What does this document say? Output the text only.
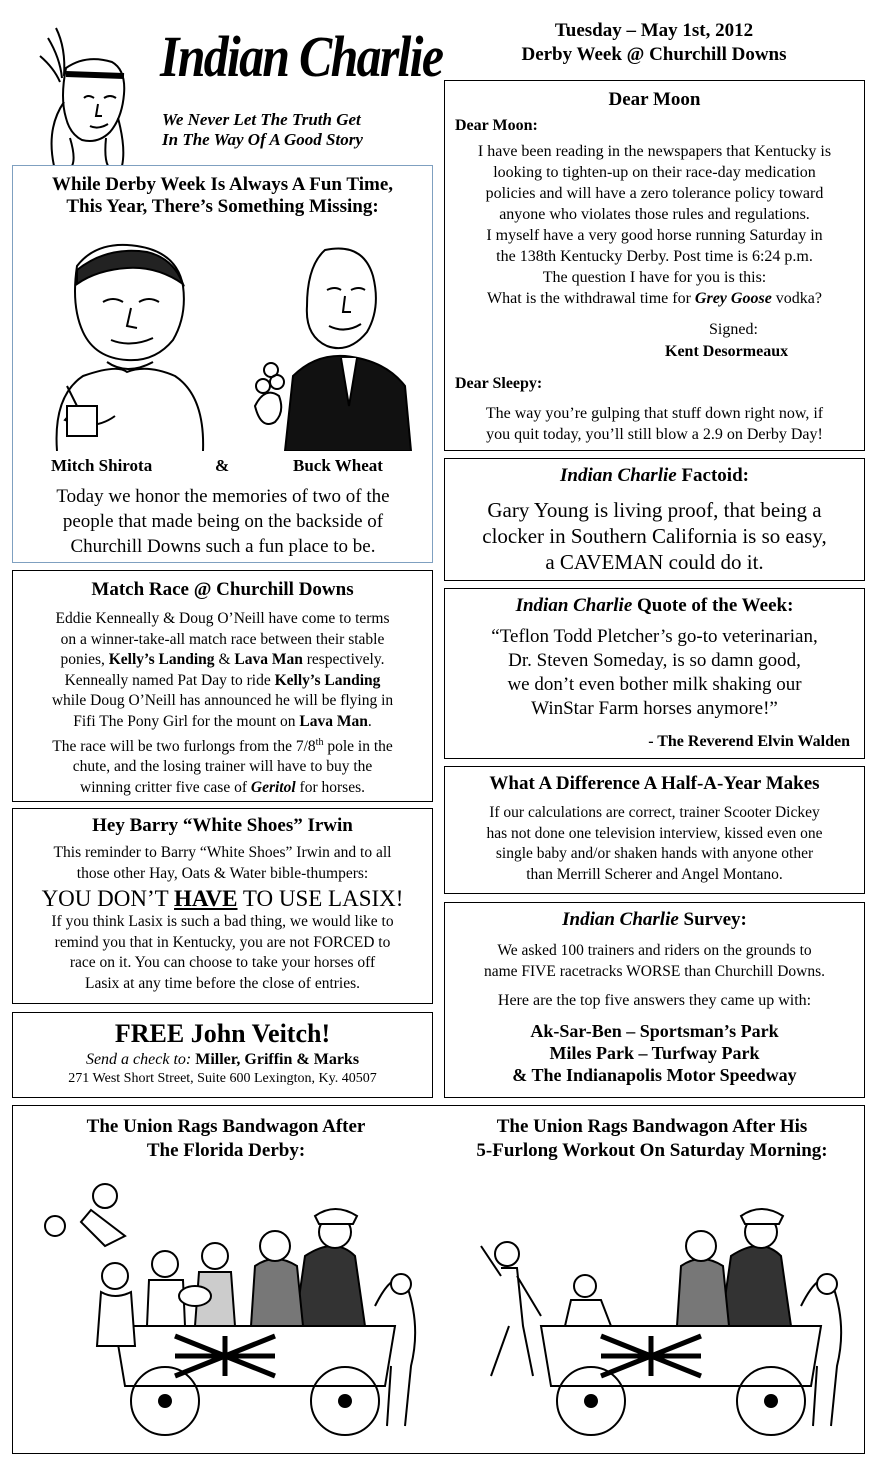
Indian Charlie
We Never Let The Truth Get
In The Way Of A Good Story
Tuesday – May 1st, 2012
Derby Week @ Churchill Downs
While Derby Week Is Always A Fun Time,
This Year, There’s Something Missing:
Mitch Shirota	&	Buck Wheat
Today we honor the memories of two of the people that made being on the backside of Churchill Downs such a fun place to be.
Dear Moon
Dear Moon:

I have been reading in the newspapers that Kentucky is

looking to tighten-up on their race-day medication

policies and will have a zero tolerance policy toward

anyone who violates those rules and regulations.

I myself have a very good horse running Saturday in

the 138th Kentucky Derby. Post time is 6:24 p.m.

The question I have for you is this:

What is the withdrawal time for Grey Goose vodka?

Signed:
Kent Desormeaux
Dear Sleepy:

The way you’re gulping that stuff down right now, if

you quit today, you’ll still blow a 2.9 on Derby Day!

Indian Charlie Factoid:

Gary Young is living proof, that being a

clocker in Southern California is so easy,

a CAVEMAN could do it.

Indian Charlie Quote of the Week:

“Teflon Todd Pletcher’s go-to veterinarian,

Dr. Steven Someday, is so damn good,

we don’t even bother milk shaking our

WinStar Farm horses anymore!”

- The Reverend Elvin Walden
Match Race @ Churchill Downs

Eddie Kenneally & Doug O’Neill have come to terms

on a winner-take-all match race between their stable

ponies, Kelly’s Landing & Lava Man respectively.

Kenneally named Pat Day to ride Kelly’s Landing

while Doug O’Neill has announced he will be flying in

Fifi The Pony Girl for the mount on Lava Man.

The race will be two furlongs from the 7/8th pole in the

chute, and the losing trainer will have to buy the

winning critter five case of Geritol for horses.	What A Difference A Half-A-Year Makes

If our calculations are correct, trainer Scooter Dickey

has not done one television interview, kissed even one

single baby and/or shaken hands with anyone other

than Merrill Scherer and Angel Montano.

Hey Barry “White Shoes” Irwin

This reminder to Barry “White Shoes” Irwin and to all

those other Hay, Oats & Water bible-thumpers:

YOU DON’T HAVE TO USE LASIX!

If you think Lasix is such a bad thing, we would like to

remind you that in Kentucky, you are not FORCED to

race on it. You can choose to take your horses off

Lasix at any time before the close of entries.

Indian Charlie Survey:

We asked 100 trainers and riders on the grounds to

name FIVE racetracks WORSE than Churchill Downs.

Here are the top five answers they came up with:

Ak-Sar-Ben – Sportsman’s Park

Miles Park – Turfway Park

& The Indianapolis Motor Speedway

FREE John Veitch!
Send a check to: Miller, Griffin & Marks
271 West Short Street, Suite 600 Lexington, Ky. 40507
The Union Rags Bandwagon After
The Florida Derby:
The Union Rags Bandwagon After His
5-Furlong Workout On Saturday Morning:
